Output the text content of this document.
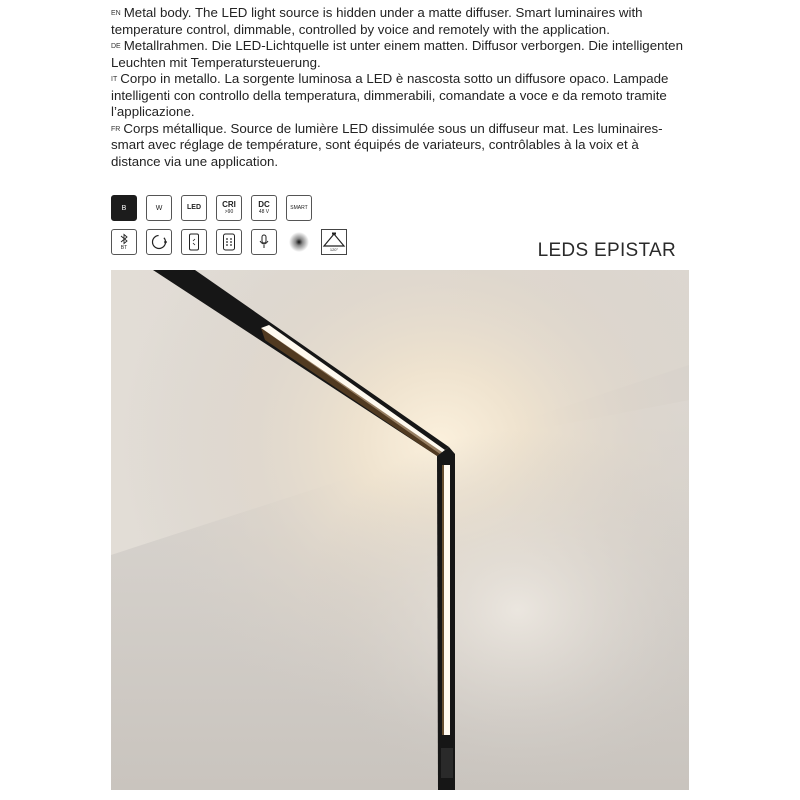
$^{EN}$ Metal body. The LED light source is hidden under a matte diffuser. Smart luminaires with temperature control, dimmable, controlled by voice and remotely with the application.

$^{DE}$ Metallrahmen. Die LED-Lichtquelle ist unter einem matten. Diffusor verborgen. Die intelligenten Leuchten mit Temperatursteuerung.

$^{IT}$ Corpo in metallo. La sorgente luminosa a LED è nascosta sotto un diffusore opaco. Lampade intelligenti con controllo della temperatura, dimmerabili, comandate a voce e da remoto tramite l’applicazione.

$^{FR}$ Corps métallique. Source de lumière LED dissimulée sous un diffuseur mat. Les luminaires-smart avec réglage de température, sont équipés de variateurs, contrôlables à la voix et à distance via une application.

B	W	LED	CRI
>90
DC
48 V
SMART
BT	120°	LEDS EPISTAR
